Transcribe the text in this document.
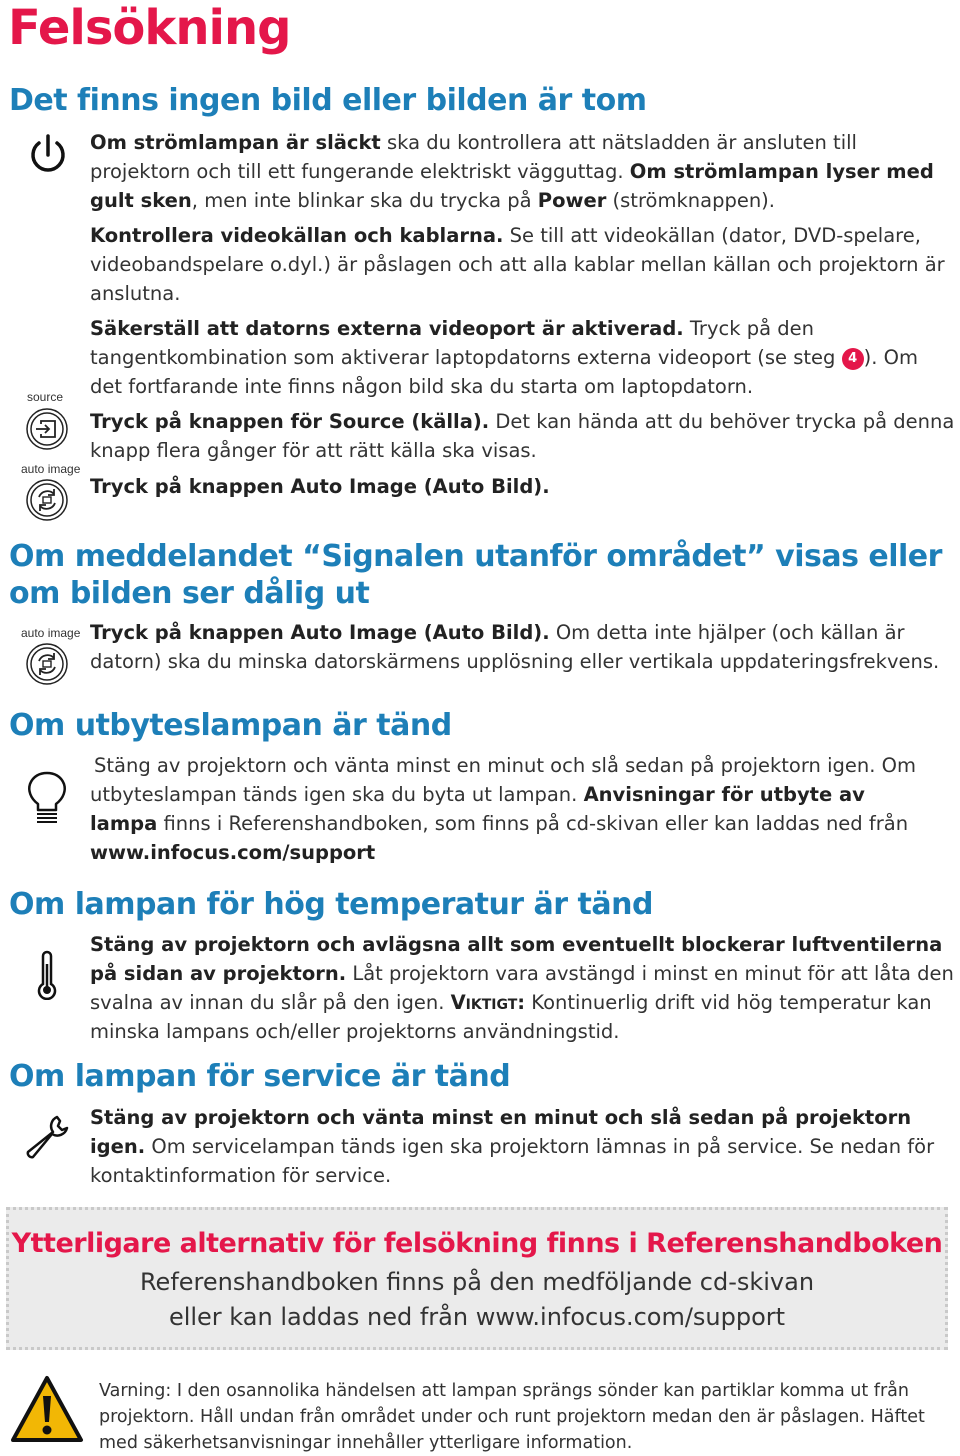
Felsökning
Det finns ingen bild eller bilden är tom

Om strömlampan är släckt ska du kontrollera att nätsladden är ansluten till projektorn och till ett fungerande elektriskt vägguttag. Om strömlampan lyser med gult sken, men inte blinkar ska du trycka på Power (strömknappen).

Kontrollera videokällan och kablarna. Se till att videokällan (dator, DVD-spelare, videobandspelare o.dyl.) är påslagen och att alla kablar mellan källan och projektorn är anslutna.

Säkerställ att datorns externa videoport är aktiverad. Tryck på den tangentkombination som aktiverar laptopdatorns externa videoport (se steg 4 ). Om det fortfarande inte finns någon bild ska du starta om laptopdatorn.

source

Tryck på knappen för Source (källa). Det kan hända att du behöver trycka på denna knapp flera gånger för att rätt källa ska visas.

auto image

Tryck på knappen Auto Image (Auto Bild).

Om meddelandet “Signalen utanför området” visas eller
om bilden ser dålig ut
auto image Tryck på knappen Auto Image (Auto Bild). Om detta inte hjälper (och källan är datorn) ska du minska datorskärmens upplösning eller vertikala uppdateringsfrekvens.

Om utbyteslampan är tänd

Stäng av projektorn och vänta minst en minut och slå sedan på projektorn igen. Om utbyteslampan tänds igen ska du byta ut lampan. Anvisningar för utbyte av lampa finns i Referenshandboken, som finns på cd-skivan eller kan laddas ned från www.infocus.com/support

Om lampan för hög temperatur är tänd

Stäng av projektorn och avlägsna allt som eventuellt blockerar luftventilerna på sidan av projektorn. Låt projektorn vara avstängd i minst en minut för att låta den svalna av innan du slår på den igen. Viktigt: Kontinuerlig drift vid hög temperatur kan minska lampans och/eller projektorns användningstid.

Om lampan för service är tänd

Stäng av projektorn och vänta minst en minut och slå sedan på projektorn igen. Om servicelampan tänds igen ska projektorn lämnas in på service. Se nedan för kontaktinformation för service.

Ytterligare alternativ för felsökning finns i Referenshandboken
Referenshandboken finns på den medföljande cd-skivan
eller kan laddas ned från www.infocus.com/support

Varning: I den osannolika händelsen att lampan sprängs sönder kan partiklar komma ut från projektorn. Håll undan från området under och runt projektorn medan den är påslagen. Häftet med säkerhetsanvisningar innehåller ytterligare information.
